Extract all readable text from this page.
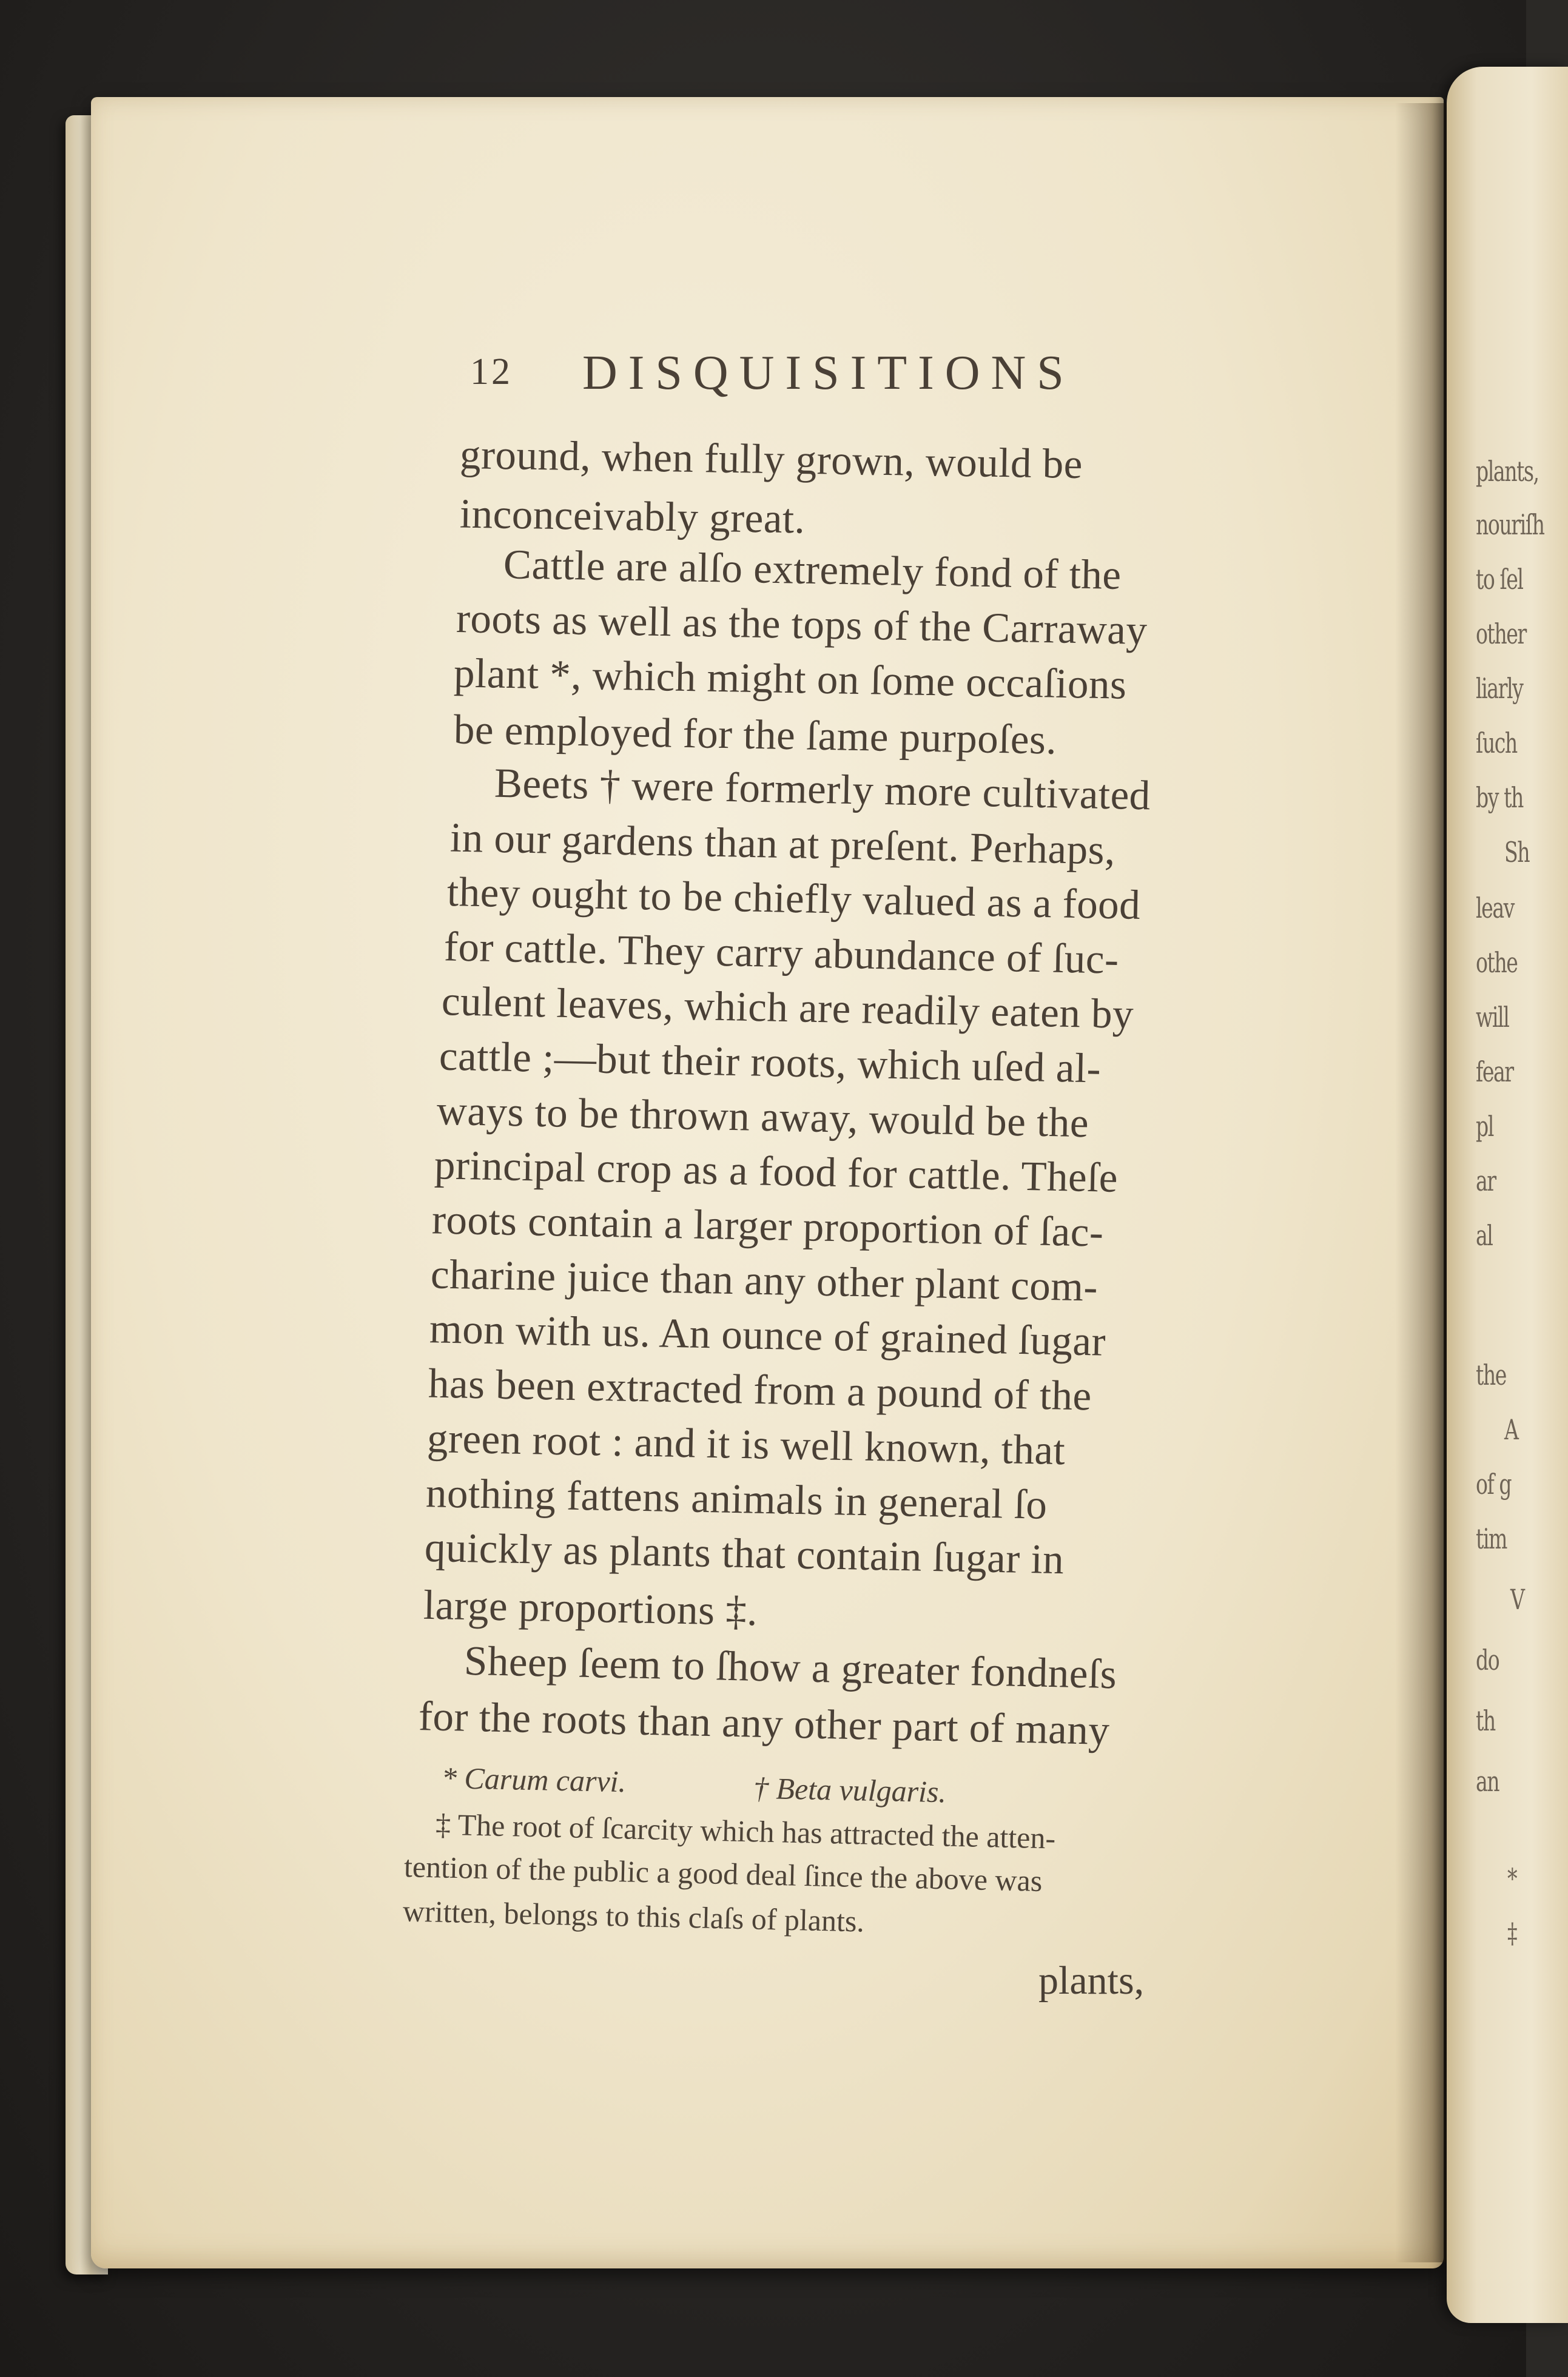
plants,
nouriſh
to ſel
other
liarly
ſuch
by th
Sh
leav
othe
will
fear
pl
ar
al
the
A
of g
tim
V
do
th
an
*
‡
12 DISQUISITIONS
ground, when fully grown, would be
inconceivably great.
Cattle are alſo extremely fond of the
roots as well as the tops of the Carraway
plant *, which might on ſome occaſions
be employed for the ſame purpoſes.
Beets † were formerly more cultivated
in our gardens than at preſent. Perhaps,
they ought to be chiefly valued as a food
for cattle. They carry abundance of ſuc-
culent leaves, which are readily eaten by
cattle ;—but their roots, which uſed al-
ways to be thrown away, would be the
principal crop as a food for cattle. Theſe
roots contain a larger proportion of ſac-
charine juice than any other plant com-
mon with us. An ounce of grained ſugar
has been extracted from a pound of the
green root : and it is well known, that
nothing fattens animals in general ſo
quickly as plants that contain ſugar in
large proportions ‡.
Sheep ſeem to ſhow a greater fondneſs
for the roots than any other part of many
* Carum carvi.	† Beta vulgaris.
‡ The root of ſcarcity which has attracted the atten-
tention of the public a good deal ſince the above was
written, belongs to this claſs of plants.
plants,
